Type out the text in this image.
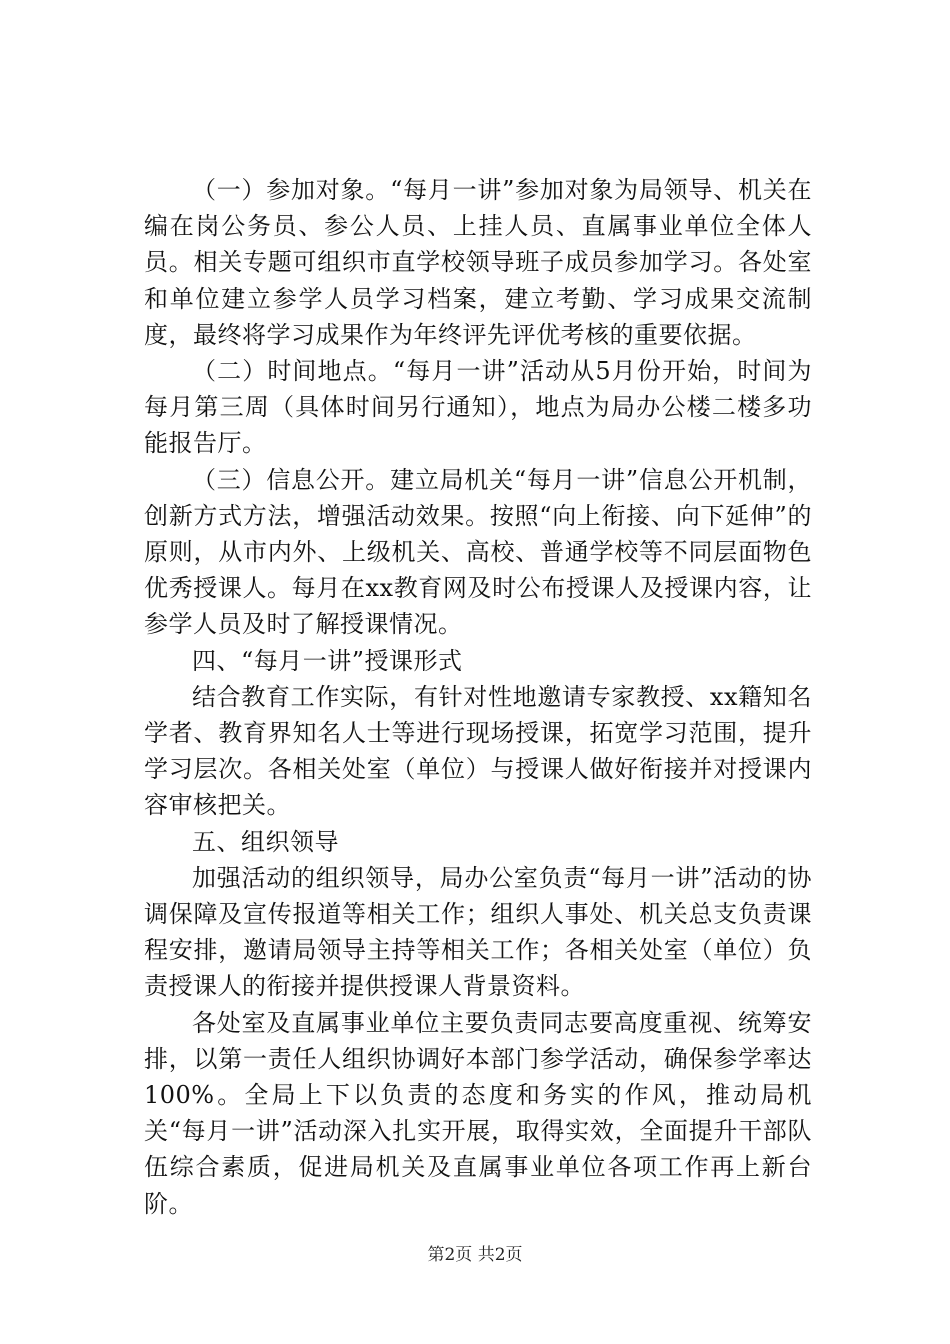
（一）参加对象。“每月一讲”参加对象为局领导、机关在编在岗公务员、参公人员、上挂人员、直属事业单位全体人员。相关专题可组织市直学校领导班子成员参加学习。各处室和单位建立参学人员学习档案，建立考勤、学习成果交流制度，最终将学习成果作为年终评先评优考核的重要依据。

（二）时间地点。“每月一讲”活动从5月份开始，时间为每月第三周（具体时间另行通知），地点为局办公楼二楼多功能报告厅。

（三）信息公开。建立局机关“每月一讲”信息公开机制，创新方式方法，增强活动效果。按照“向上衔接、向下延伸”的原则，从市内外、上级机关、高校、普通学校等不同层面物色优秀授课人。每月在xx教育网及时公布授课人及授课内容，让参学人员及时了解授课情况。

四、“每月一讲”授课形式

结合教育工作实际，有针对性地邀请专家教授、xx籍知名学者、教育界知名人士等进行现场授课，拓宽学习范围，提升学习层次。各相关处室（单位）与授课人做好衔接并对授课内容审核把关。

五、组织领导

加强活动的组织领导，局办公室负责“每月一讲”活动的协调保障及宣传报道等相关工作；组织人事处、机关总支负责课程安排，邀请局领导主持等相关工作；各相关处室（单位）负责授课人的衔接并提供授课人背景资料。

各处室及直属事业单位主要负责同志要高度重视、统筹安排，以第一责任人组织协调好本部门参学活动，确保参学率达100%。全局上下以负责的态度和务实的作风，推动局机关“每月一讲”活动深入扎实开展，取得实效，全面提升干部队伍综合素质，促进局机关及直属事业单位各项工作再上新台阶。

第2页 共2页
